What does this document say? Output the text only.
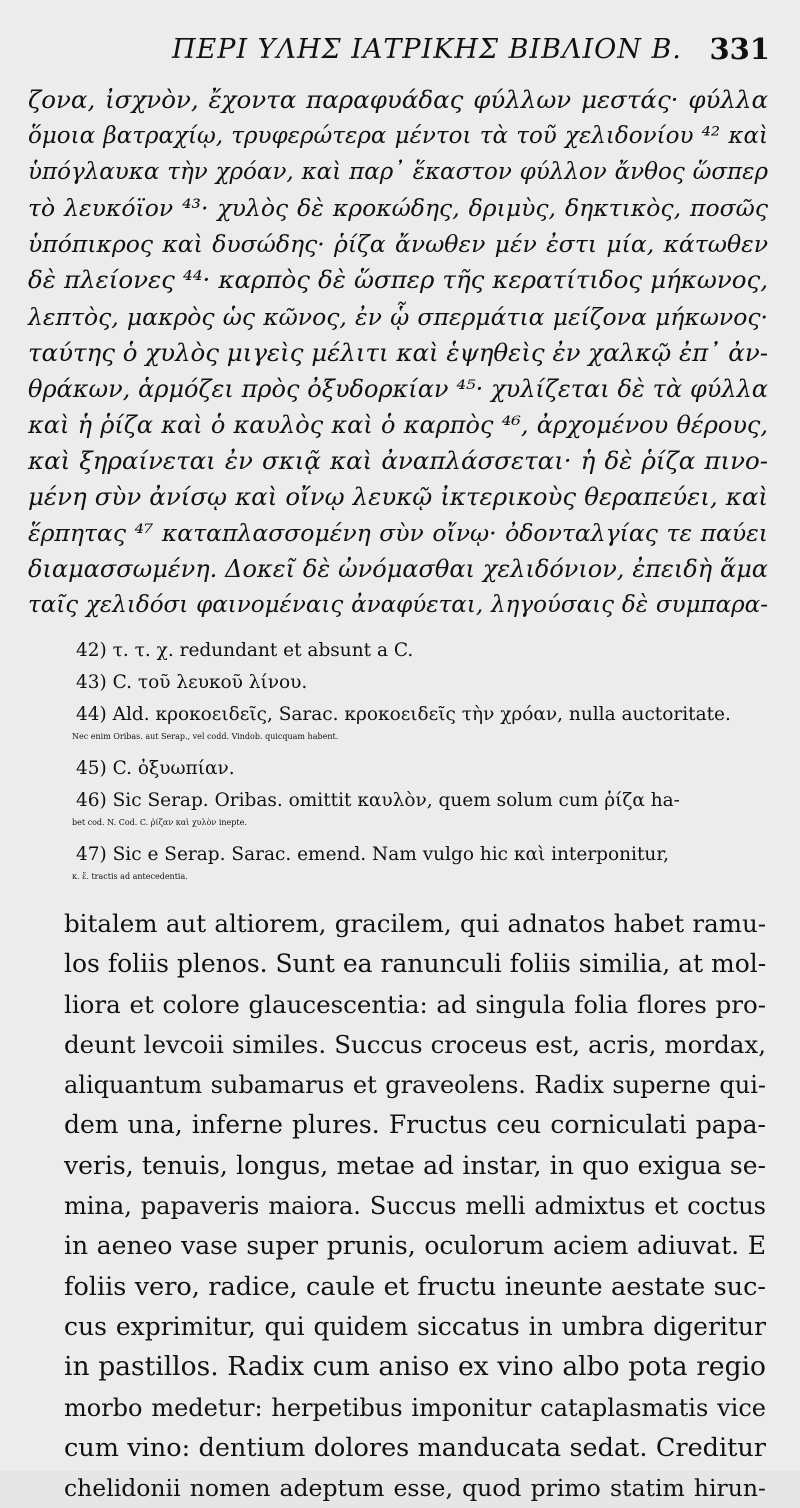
ΠΕΡΙ ΥΛΗΣ ΙΑΤΡΙΚΗΣ ΒΙΒΛΙΟΝ Β. 331
ζονα, ἰσχνὸν, ἔχοντα παραφυάδας φύλλων μεστάς· φύλλα
ὅμοια βατραχίῳ, τρυφερώτερα μέντοι τὰ τοῦ χελιδονίου ⁴² καὶ
ὑπόγλαυκα τὴν χρόαν, καὶ παρ᾽ ἕκαστον φύλλον ἄνθος ὥσπερ
τὸ λευκόϊον ⁴³· χυλὸς δὲ κροκώδης, δριμὺς, δηκτικὸς, ποσῶς
ὑπόπικρος καὶ δυσώδης· ῥίζα ἄνωθεν μέν ἐστι μία, κάτωθεν
δὲ πλείονες ⁴⁴· καρπὸς δὲ ὥσπερ τῆς κερατίτιδος μήκωνος,
λεπτὸς, μακρὸς ὡς κῶνος, ἐν ᾧ σπερμάτια μείζονα μήκωνος·
ταύτης ὁ χυλὸς μιγεὶς μέλιτι καὶ ἑψηθεὶς ἐν χαλκῷ ἐπ᾽ ἀν-
θράκων, ἁρμόζει πρὸς ὀξυδορκίαν ⁴⁵· χυλίζεται δὲ τὰ φύλλα
καὶ ἡ ῥίζα καὶ ὁ καυλὸς καὶ ὁ καρπὸς ⁴⁶, ἀρχομένου θέρους,
καὶ ξηραίνεται ἐν σκιᾷ καὶ ἀναπλάσσεται· ἡ δὲ ῥίζα πινο-
μένη σὺν ἀνίσῳ καὶ οἴνῳ λευκῷ ἰκτερικοὺς θεραπεύει, καὶ
ἕρπητας ⁴⁷ καταπλασσομένη σὺν οἴνῳ· ὀδονταλγίας τε παύει
διαμασσωμένη. Δοκεῖ δὲ ὠνόμασθαι χελιδόνιον, ἐπειδὴ ἅμα
ταῖς χελιδόσι φαινομέναις ἀναφύεται, ληγούσαις δὲ συμπαρα-
42) τ. τ. χ. redundant et absunt a C.
43) C. τοῦ λευκοῦ λίνου.
44) Ald. κροκοειδεῖς, Sarac. κροκοειδεῖς τὴν χρόαν, nulla auctoritate.
Nec enim Oribas. aut Serap., vel codd. Vindob. quicquam habent.
45) C. ὀξυωπίαν.
46) Sic Serap. Oribas. omittit καυλὸν, quem solum cum ῥίζα ha-
bet cod. N. Cod. C. ῥίζαν καὶ χυλὸν inepte.
47) Sic e Serap. Sarac. emend. Nam vulgo hic καὶ interponitur,
κ. ἕ. tractis ad antecedentia.
bitalem aut altiorem, gracilem, qui adnatos habet ramu-
los foliis plenos. Sunt ea ranunculi foliis similia, at mol-
liora et colore glaucescentia: ad singula folia flores pro-
deunt levcoii similes. Succus croceus est, acris, mordax,
aliquantum subamarus et graveolens. Radix superne qui-
dem una, inferne plures. Fructus ceu corniculati papa-
veris, tenuis, longus, metae ad instar, in quo exigua se-
mina, papaveris maiora. Succus melli admixtus et coctus
in aeneo vase super prunis, oculorum aciem adiuvat. E
foliis vero, radice, caule et fructu ineunte aestate suc-
cus exprimitur, qui quidem siccatus in umbra digeritur
in pastillos. Radix cum aniso ex vino albo pota regio
morbo medetur: herpetibus imponitur cataplasmatis vice
cum vino: dentium dolores manducata sedat. Creditur
chelidonii nomen adeptum esse, quod primo statim hirun-
